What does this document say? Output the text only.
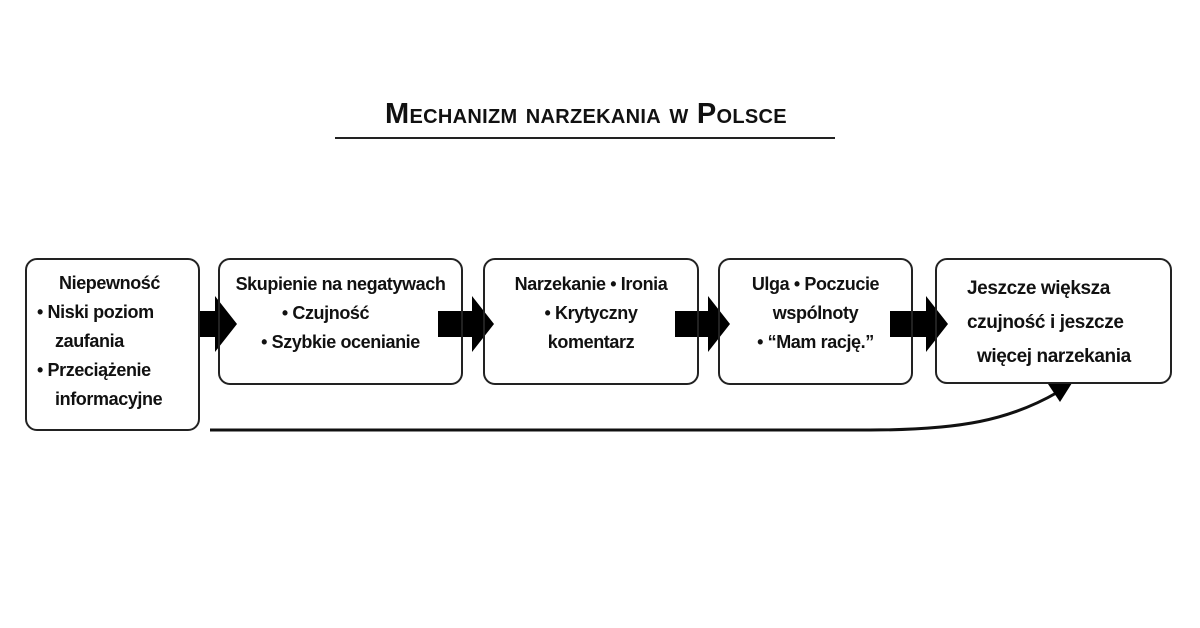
Mechanizm narzekania w Polsce
Niepewność
• Niski poziom
zaufania
• Przeciążenie
informacyjne
Skupienie na negatywach
• Czujność
• Szybkie ocenianie
Narzekanie • Ironia
• Krytyczny
komentarz
Ulga • Poczucie
wspólnoty
• “Mam rację.”
Jeszcze większa
czujność i jeszcze
więcej narzekania
